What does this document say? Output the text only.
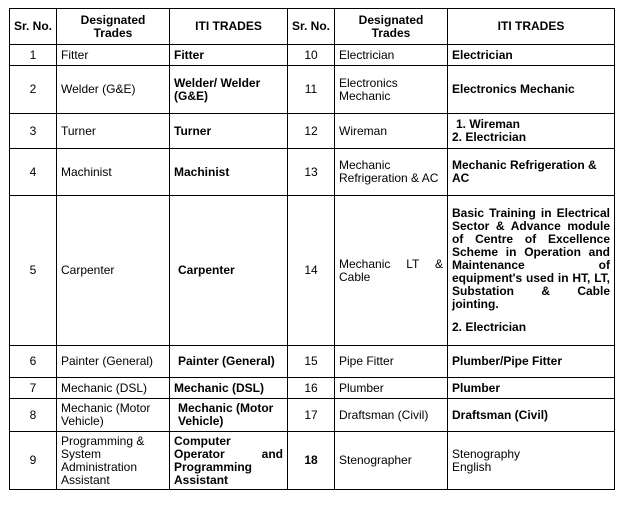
Sr. No.	Designated Trades	ITI TRADES	Sr. No.	Designated Trades	ITI TRADES
1	Fitter	Fitter	10	Electrician	Electrician
2	Welder (G&E)	Welder/ Welder (G&E)	11	Electronics Mechanic	Electronics Mechanic
3	Turner	Turner	12	Wireman	1. Wireman
2. Electrician

4	Machinist	Machinist	13	Mechanic Refrigeration & AC	Mechanic Refrigeration & AC
5	Carpenter	Carpenter	14	Mechanic LT & Cable	Basic Training in Electrical Sector & Advance module of Centre of Excellence Scheme in Operation and Maintenance of equipment's used in HT, LT, Substation & Cable jointing.
2. Electrician

6	Painter (General)	Painter (General)	15	Pipe Fitter	Plumber/Pipe Fitter
7	Mechanic (DSL)	Mechanic (DSL)	16	Plumber	Plumber
8	Mechanic (Motor Vehicle)	Mechanic (Motor Vehicle)	17	Draftsman (Civil)	Draftsman (Civil)
9	Programming & System Administration Assistant	Computer Operator and Programming Assistant	18	Stenographer	Stenography
English
